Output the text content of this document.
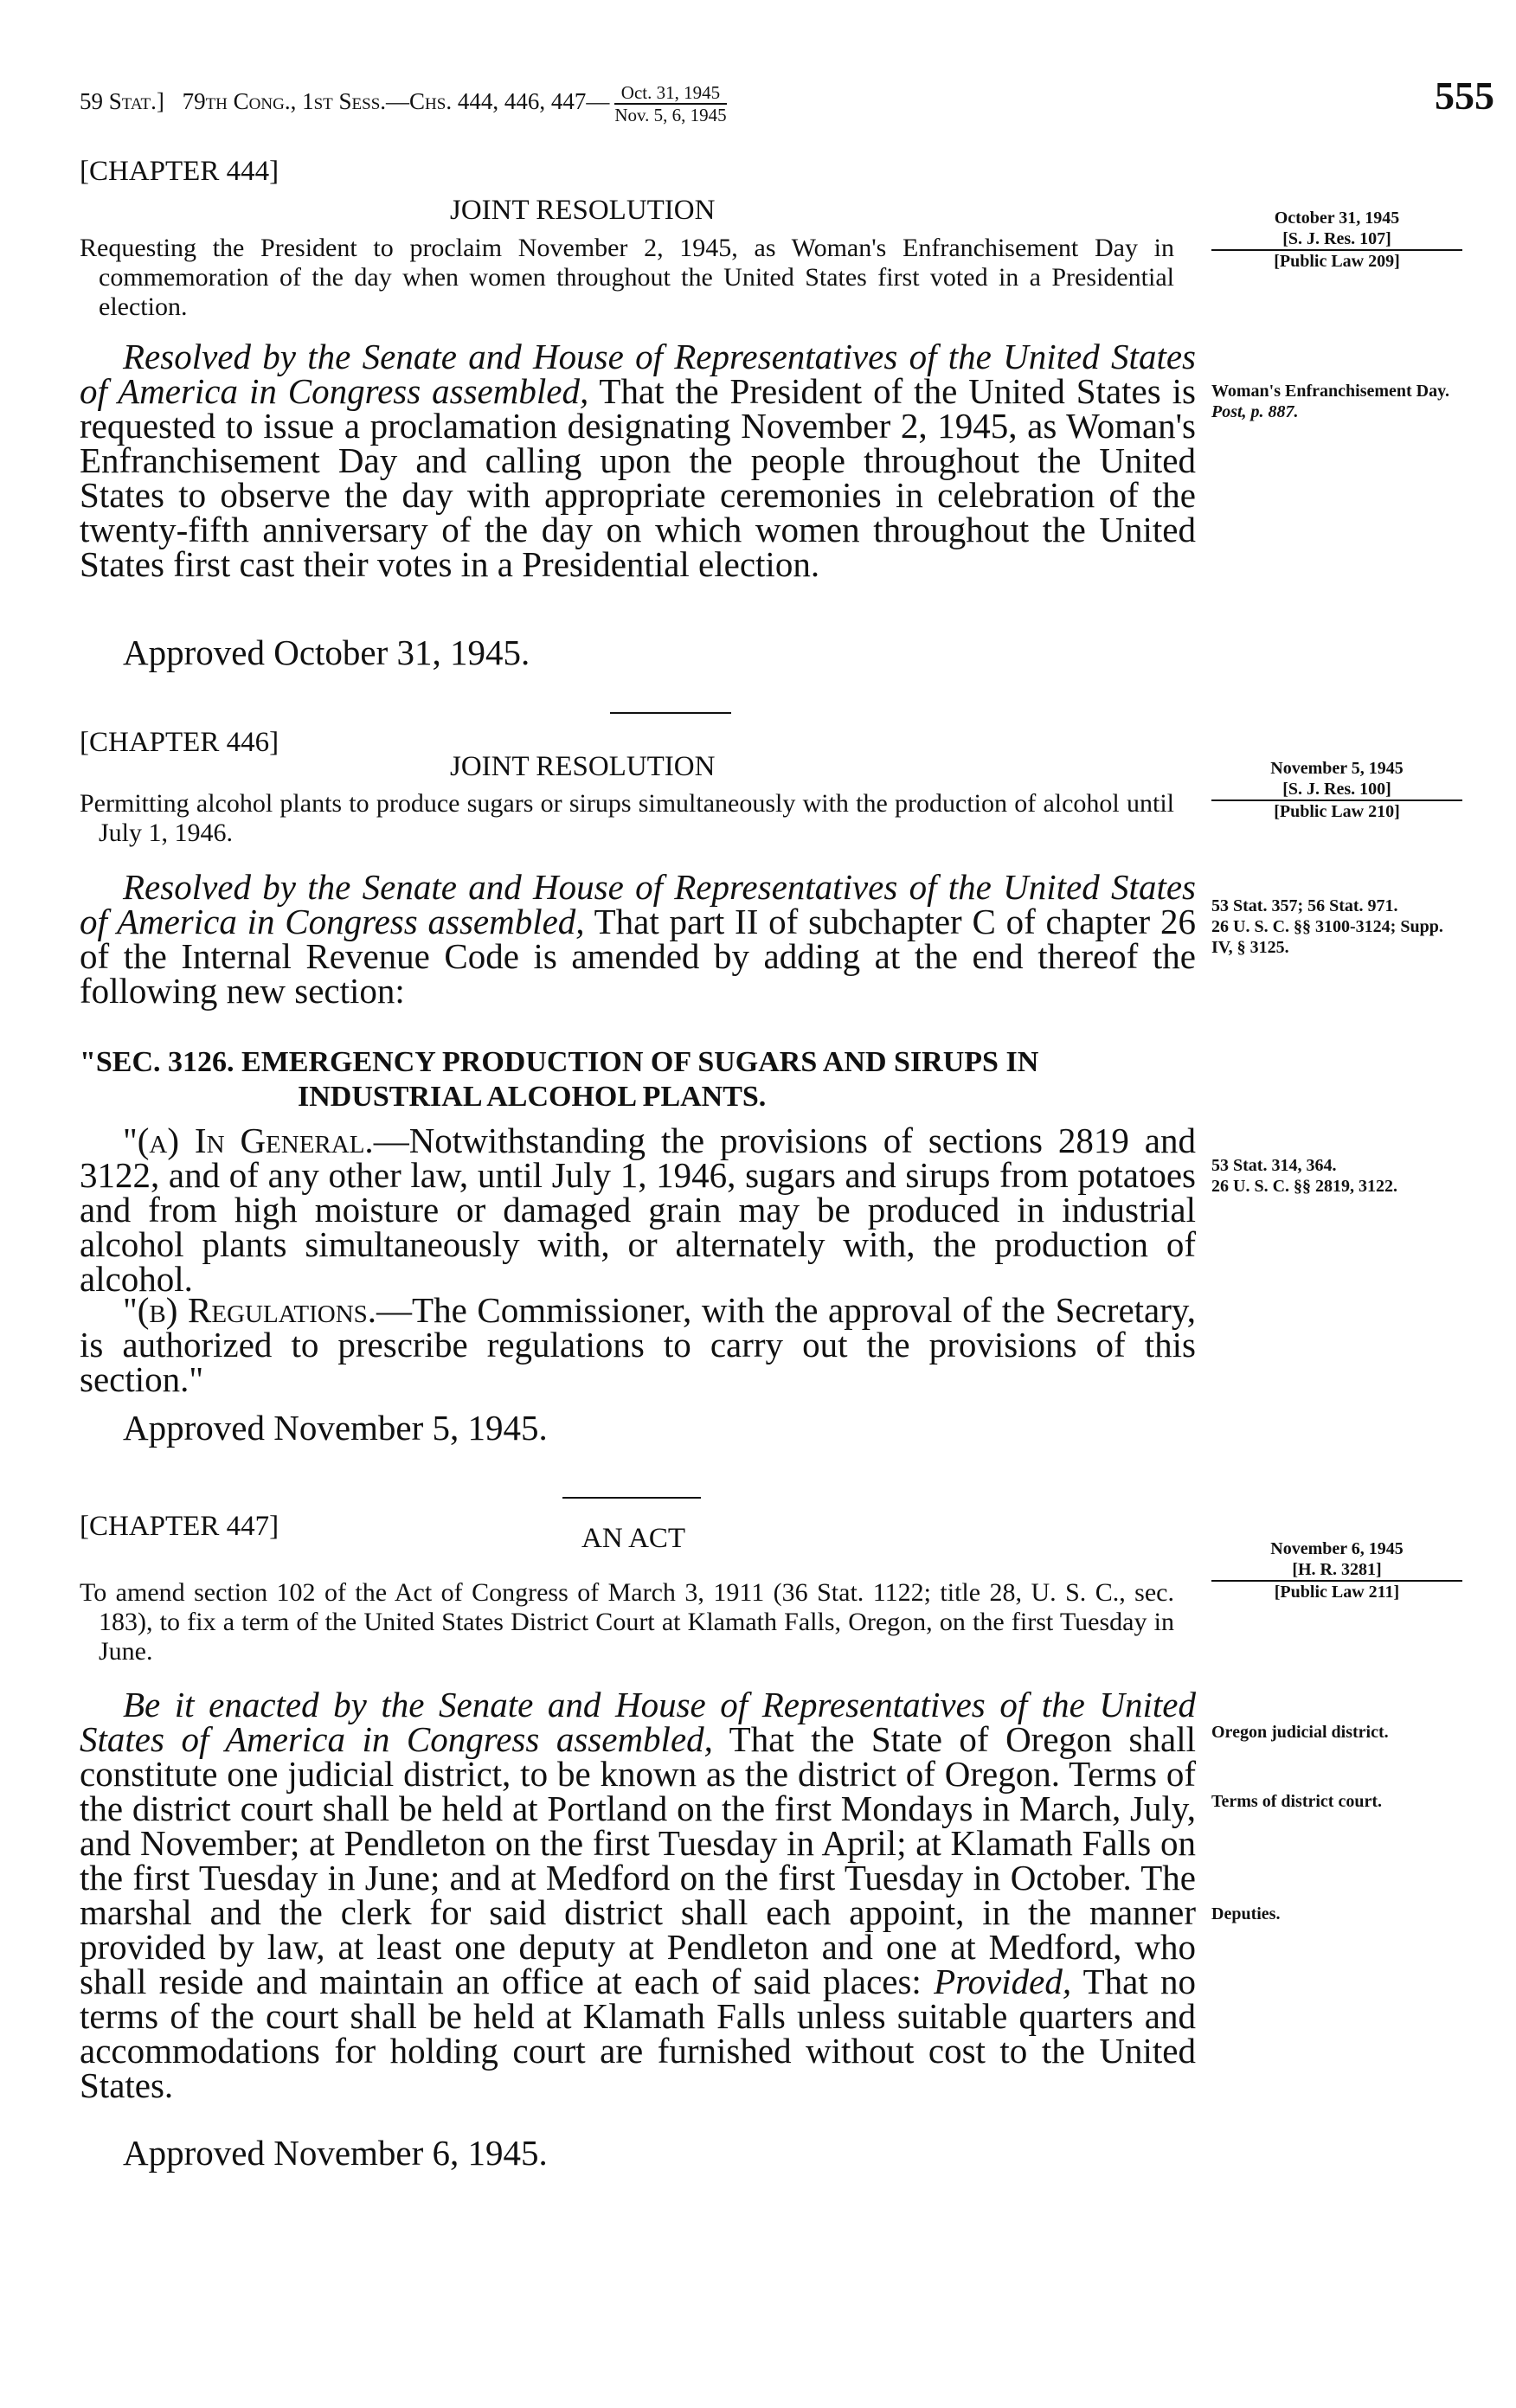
59 Stat.] 79th Cong., 1st Sess.—Chs. 444, 446, 447— $\frac{\text{Oct. 31, 1945}}{\text{Nov. 5, 6, 1945}}$	555
[CHAPTER 444]
JOINT RESOLUTION
Requesting the President to proclaim November 2, 1945, as Woman's Enfranchisement Day in commemoration of the day when women throughout the United States first voted in a Presidential election.
October 31, 1945
[S. J. Res. 107]
[Public Law 209]
Resolved by the Senate and House of Representatives of the United States of America in Congress assembled, That the President of the United States is requested to issue a proclamation designating November 2, 1945, as Woman's Enfranchisement Day and calling upon the people throughout the United States to observe the day with appropriate ceremonies in celebration of the twenty-fifth anniversary of the day on which women throughout the United States first cast their votes in a Presidential election.
Woman's Enfranchisement Day.
Post, p. 887.
Approved October 31, 1945.
[CHAPTER 446]
JOINT RESOLUTION
Permitting alcohol plants to produce sugars or sirups simultaneously with the production of alcohol until July 1, 1946.
November 5, 1945
[S. J. Res. 100]
[Public Law 210]
Resolved by the Senate and House of Representatives of the United States of America in Congress assembled, That part II of subchapter C of chapter 26 of the Internal Revenue Code is amended by adding at the end thereof the following new section:
53 Stat. 357; 56 Stat. 971.
26 U. S. C. §§ 3100-3124; Supp. IV, § 3125.
"SEC. 3126. EMERGENCY PRODUCTION OF SUGARS AND SIRUPS IN
INDUSTRIAL ALCOHOL PLANTS.
"(a) In General.—Notwithstanding the provisions of sections 2819 and 3122, and of any other law, until July 1, 1946, sugars and sirups from potatoes and from high moisture or damaged grain may be produced in industrial alcohol plants simultaneously with, or alternately with, the production of alcohol.
53 Stat. 314, 364.
26 U. S. C. §§ 2819, 3122.
"(b) Regulations.—The Commissioner, with the approval of the Secretary, is authorized to prescribe regulations to carry out the provisions of this section."
Approved November 5, 1945.
[CHAPTER 447]	AN ACT
To amend section 102 of the Act of Congress of March 3, 1911 (36 Stat. 1122; title 28, U. S. C., sec. 183), to fix a term of the United States District Court at Klamath Falls, Oregon, on the first Tuesday in June.
November 6, 1945
[H. R. 3281]
[Public Law 211]
Be it enacted by the Senate and House of Representatives of the United States of America in Congress assembled, That the State of Oregon shall constitute one judicial district, to be known as the district of Oregon. Terms of the district court shall be held at Portland on the first Mondays in March, July, and November; at Pendleton on the first Tuesday in April; at Klamath Falls on the first Tuesday in June; and at Medford on the first Tuesday in October. The marshal and the clerk for said district shall each appoint, in the manner provided by law, at least one deputy at Pendleton and one at Medford, who shall reside and maintain an office at each of said places: Provided, That no terms of the court shall be held at Klamath Falls unless suitable quarters and accommodations for holding court are furnished without cost to the United States.
Oregon judicial district.
Terms of district court.
Deputies.
Approved November 6, 1945.
